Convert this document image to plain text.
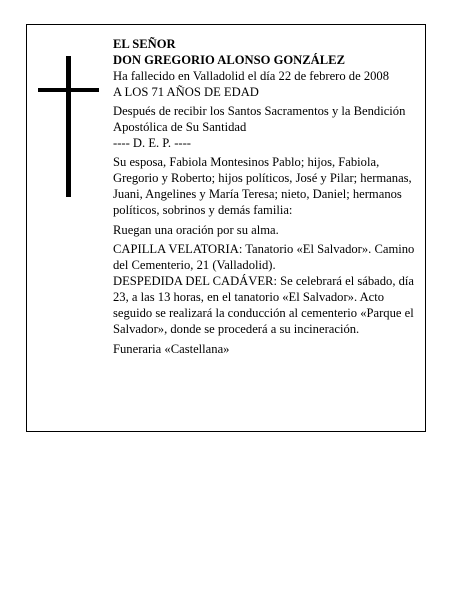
EL SEÑOR

DON GREGORIO ALONSO GONZÁLEZ

Ha fallecido en Valladolid el día 22 de febrero de 2008

A LOS 71 AÑOS DE EDAD

Después de recibir los Santos Sacramentos y la Bendición Apostólica de Su Santidad

---- D. E. P. ----

Su esposa, Fabiola Montesinos Pablo; hijos, Fabiola, Gregorio y Roberto; hijos políticos, José y Pilar; hermanas, Juani, Angelines y María Teresa; nieto, Daniel; hermanos políticos, sobrinos y demás familia:

Ruegan una oración por su alma.

CAPILLA VELATORIA: Tanatorio «El Salvador». Camino del Cementerio, 21 (Valladolid).

DESPEDIDA DEL CADÁVER: Se celebrará el sábado, día 23, a las 13 horas, en el tanatorio «El Salvador». Acto seguido se realizará la conducción al cementerio «Parque el Salvador», donde se procederá a su incineración.

Funeraria «Castellana»
